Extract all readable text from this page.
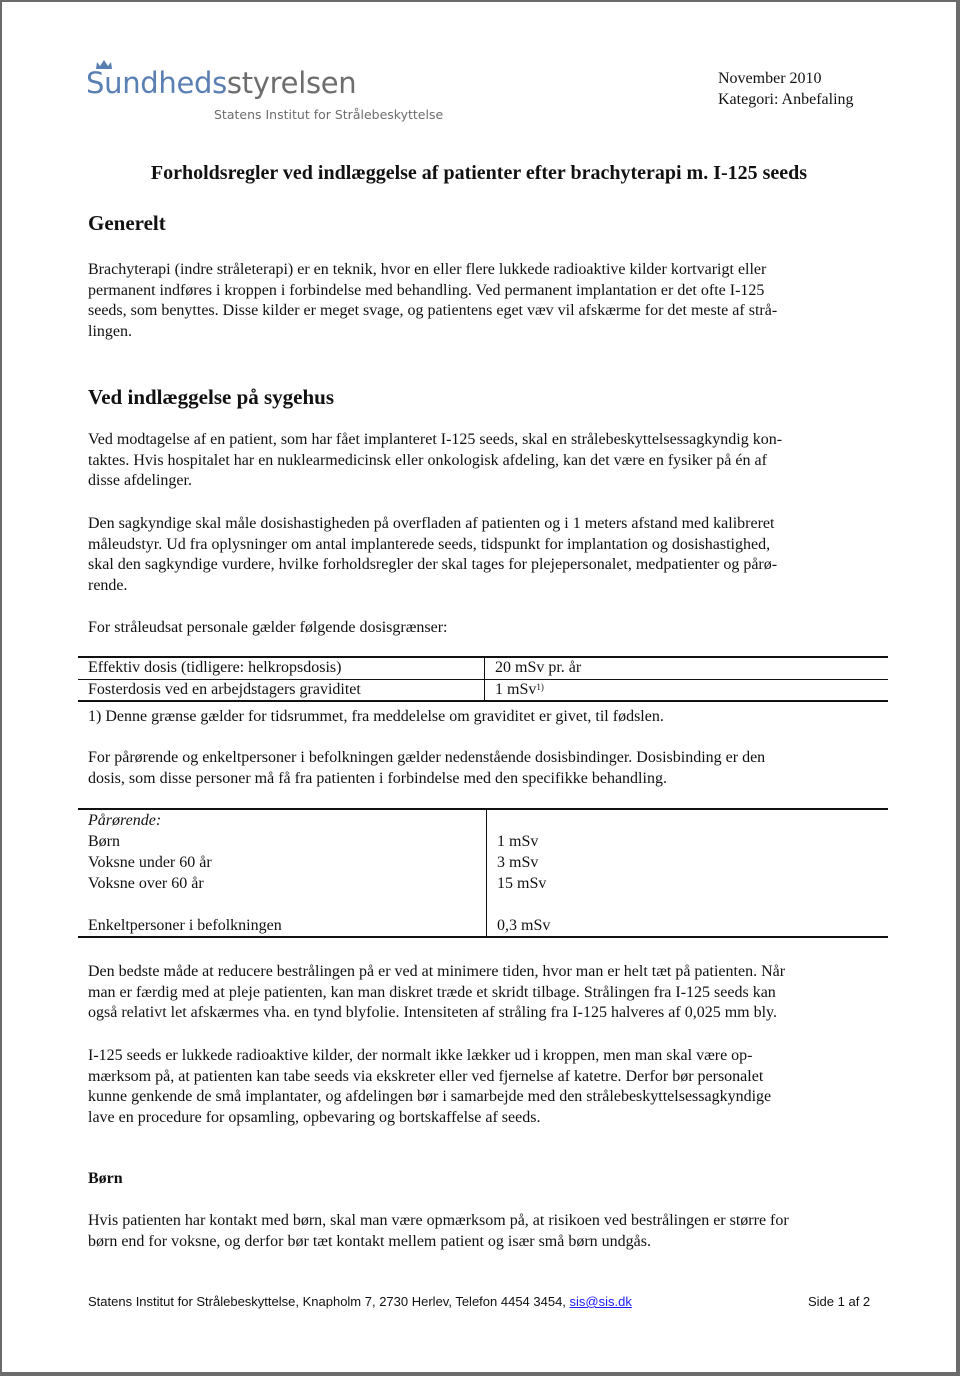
Sundhedsstyrelsen
Statens Institut for Strålebeskyttelse
November 2010
Kategori: Anbefaling
Forholdsregler ved indlæggelse af patienter efter brachyterapi m. I-125 seeds
Generelt
Brachyterapi (indre stråleterapi) er en teknik, hvor en eller flere lukkede radioaktive kilder kortvarigt eller
permanent indføres i kroppen i forbindelse med behandling. Ved permanent implantation er det ofte I-125
seeds, som benyttes. Disse kilder er meget svage, og patientens eget væv vil afskærme for det meste af strå-
lingen.
Ved indlæggelse på sygehus
Ved modtagelse af en patient, som har fået implanteret I-125 seeds, skal en strålebeskyttelsessagkyndig kon-
taktes. Hvis hospitalet har en nuklearmedicinsk eller onkologisk afdeling, kan det være en fysiker på én af
disse afdelinger.
Den sagkyndige skal måle dosishastigheden på overfladen af patienten og i 1 meters afstand med kalibreret
måleudstyr. Ud fra oplysninger om antal implanterede seeds, tidspunkt for implantation og dosishastighed,
skal den sagkyndige vurdere, hvilke forholdsregler der skal tages for plejepersonalet, medpatienter og pårø-
rende.
For stråleudsat personale gælder følgende dosisgrænser:
Effektiv dosis (tidligere: helkropsdosis)	20 mSv pr. år
Fosterdosis ved en arbejdstagers graviditet	1 mSv$^{1)}$
1) Denne grænse gælder for tidsrummet, fra meddelelse om graviditet er givet, til fødslen.
For pårørende og enkeltpersoner i befolkningen gælder nedenstående dosisbindinger. Dosisbinding er den
dosis, som disse personer må få fra patienten i forbindelse med den specifikke behandling.
Pårørende:	
Børn	1 mSv
Voksne under 60 år	3 mSv
Voksne over 60 år	15 mSv

Enkeltpersoner i befolkningen	0,3 mSv
Den bedste måde at reducere bestrålingen på er ved at minimere tiden, hvor man er helt tæt på patienten. Når
man er færdig med at pleje patienten, kan man diskret træde et skridt tilbage. Strålingen fra I-125 seeds kan
også relativt let afskærmes vha. en tynd blyfolie. Intensiteten af stråling fra I-125 halveres af 0,025 mm bly.
I-125 seeds er lukkede radioaktive kilder, der normalt ikke lækker ud i kroppen, men man skal være op-
mærksom på, at patienten kan tabe seeds via ekskreter eller ved fjernelse af katetre. Derfor bør personalet
kunne genkende de små implantater, og afdelingen bør i samarbejde med den strålebeskyttelsessagkyndige
lave en procedure for opsamling, opbevaring og bortskaffelse af seeds.
Børn
Hvis patienten har kontakt med børn, skal man være opmærksom på, at risikoen ved bestrålingen er større for
børn end for voksne, og derfor bør tæt kontakt mellem patient og især små børn undgås.
Statens Institut for Strålebeskyttelse, Knapholm 7, 2730 Herlev, Telefon 4454 3454, sis@sis.dk	Side 1 af 2
